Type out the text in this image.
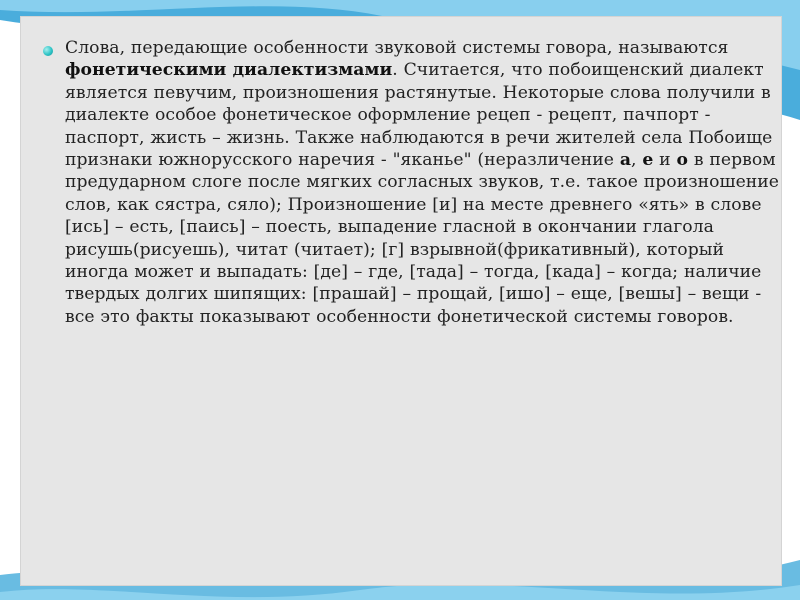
Слова, передающие особенности звуковой системы говора, называются фонетическими диалектизмами. Считается, что побоищенский диалект является певучим, произношения растянутые. Некоторые слова получили в диалекте особое фонетическое оформление рецеп - рецепт, пачпорт - паспорт, жисть – жизнь. Также наблюдаются в речи жителей села Побоище признаки южнорусского наречия - "яканье" (неразличение а, е и о в первом предударном слоге после мягких согласных звуков, т.е. такое произношение слов, как сястра, сяло); Произношение [и] на месте древнего «ять» в слове [ись] – есть, [паись] – поесть, выпадение гласной в окончании глагола рисушь(рисуешь), читат (читает); [г] взрывной(фрикативный), который иногда может и выпадать: [де] – где, [тада] – тогда, [када] – когда; наличие твердых долгих шипящих: [прашай] – прощай, [ишо] – еще, [вешы] – вещи - все это факты показывают особенности фонетической системы говоров.
